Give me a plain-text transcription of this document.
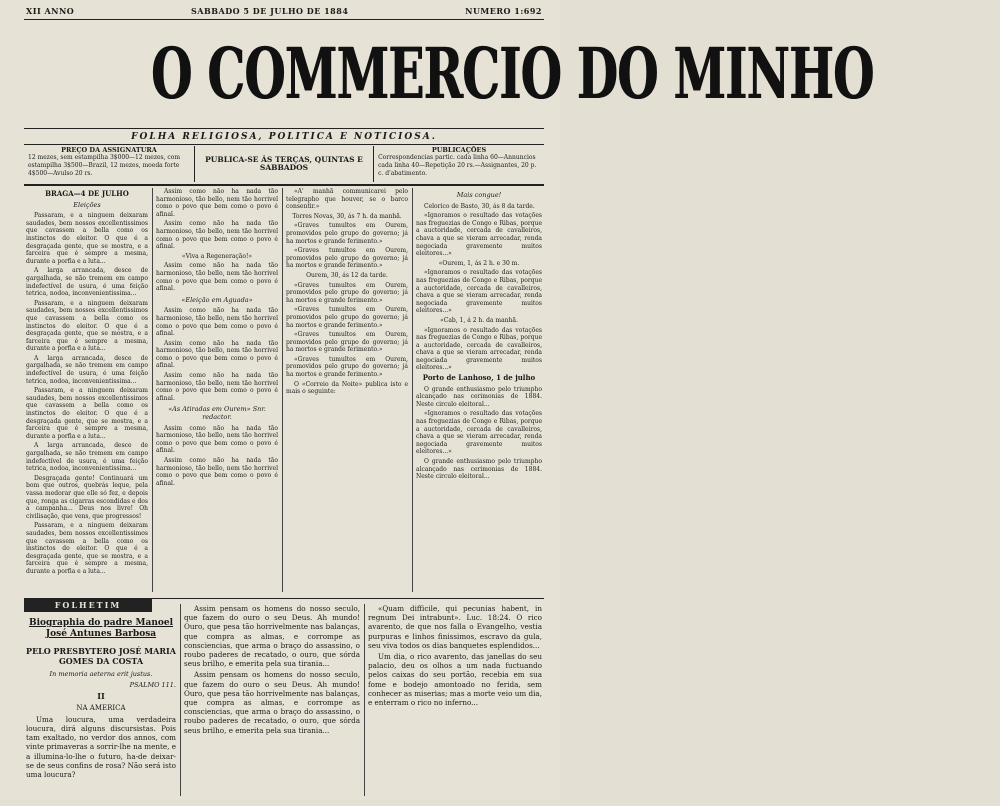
XII ANNO	SABBADO 5 DE JULHO DE 1884	NUMERO 1:692
O COMMERCIO DO MINHO
FOLHA RELIGIOSA, POLITICA E NOTICIOSA.
PREÇO DA ASSIGNATURA
12 mezes, sem estampilha 3$000—12 mezes, com estampilha 3$500—Brazil, 12 mezes, moeda forte 4$500—Avulso 20 rs.
PUBLICA-SE ÁS TERÇAS, QUINTAS E SABBADOS
PUBLICAÇÕES
Correspondencias partic. cada linha 60—Annuncios cada linha 40—Repetição 20 rs.—Assignantes, 20 p. c. d'abatimento.
BRAGA—4 DE JULHO
Eleições

Passaram, e a ninguem deixaram saudades, bem nossos excellentissimos que cavassem a bella como os instinctos do eleitor. O que é a desgraçada gente, que se mostra, e a farceira que é sempre a mesma, durante a porfia e a luta...

A larga arrancada, desce de gargalhada, se não tremem em campo indefectível de usura, é uma feição tetrica, nodoa, inconvenientissima...

Passaram, e a ninguem deixaram saudades, bem nossos excellentissimos que cavassem a bella como os instinctos do eleitor. O que é a desgraçada gente, que se mostra, e a farceira que é sempre a mesma, durante a porfia e a luta...

A larga arrancada, desce de gargalhada, se não tremem em campo indefectível de usura, é uma feição tetrica, nodoa, inconvenientissima...

Passaram, e a ninguem deixaram saudades, bem nossos excellentissimos que cavassem a bella como os instinctos do eleitor. O que é a desgraçada gente, que se mostra, e a farceira que é sempre a mesma, durante a porfia e a luta...

A larga arrancada, desce de gargalhada, se não tremem em campo indefectível de usura, é uma feição tetrica, nodoa, inconvenientissima...

Desgraçada gente! Continuará um bom que outros, quebrás leque, pela vassa medorar que elle só fez, e depois que, ronga as cigarras escondidas e dos a campanha... Deus nos livre! Oh civilisação, que vens, que progressos!

Passaram, e a ninguem deixaram saudades, bem nossos excellentissimos que cavassem a bella como os instinctos do eleitor. O que é a desgraçada gente, que se mostra, e a farceira que é sempre a mesma, durante a porfia e a luta...

Assim como não ha nada tão harmonioso, tão bello, nem tão horrivel como o povo que bem como o povo é afinal.

Assim como não ha nada tão harmonioso, tão bello, nem tão horrivel como o povo que bem como o povo é afinal.

«Viva a Regeneração!»

Assim como não ha nada tão harmonioso, tão bello, nem tão horrivel como o povo que bem como o povo é afinal.

«Eleição em Aguada»

Assim como não ha nada tão harmonioso, tão bello, nem tão horrivel como o povo que bem como o povo é afinal.

Assim como não ha nada tão harmonioso, tão bello, nem tão horrivel como o povo que bem como o povo é afinal.

Assim como não ha nada tão harmonioso, tão bello, nem tão horrivel como o povo que bem como o povo é afinal.

«As Atiradas em Ourem» Snr. redactor.

Assim como não ha nada tão harmonioso, tão bello, nem tão horrivel como o povo que bem como o povo é afinal.

Assim como não ha nada tão harmonioso, tão bello, nem tão horrivel como o povo que bem como o povo é afinal.

«A' manhã communicarei pelo telegrapho que houver, se o barco consentir.»

Torres Novas, 30, ás 7 h. da manhã.

«Graves tumultos em Ourem, promovidos pelo grupo do governo; já ha mortos e grande ferimento.»

«Graves tumultos em Ourem, promovidos pelo grupo do governo; já ha mortos e grande ferimento.»

Ourem, 30, ás 12 da tarde.

«Graves tumultos em Ourem, promovidos pelo grupo do governo; já ha mortos e grande ferimento.»

«Graves tumultos em Ourem, promovidos pelo grupo do governo; já ha mortos e grande ferimento.»

«Graves tumultos em Ourem, promovidos pelo grupo do governo; já ha mortos e grande ferimento.»

«Graves tumultos em Ourem, promovidos pelo grupo do governo; já ha mortos e grande ferimento.»

O «Correio da Noite» publica isto e mais o seguinte:

Mais congue!

Celorico de Basto, 30, ás 8 da tarde.

«Ignoramos o resultado das votações nas freguezias de Congo e Ribas, porque a auctoridade, cercada de cavalleiros, chava a que se vieram arrecadar, renda negociada gravemente muitos eleitores...»

«Ourem, 1, ás 2 h. e 30 m.

«Ignoramos o resultado das votações nas freguezias de Congo e Ribas, porque a auctoridade, cercada de cavalleiros, chava a que se vieram arrecadar, renda negociada gravemente muitos eleitores...»

«Cab, 1, á 2 h. da manhã.

«Ignoramos o resultado das votações nas freguezias de Congo e Ribas, porque a auctoridade, cercada de cavalleiros, chava a que se vieram arrecadar, renda negociada gravemente muitos eleitores...»

Porto de Lanhoso, 1 de julho

O grande enthusiasmo pelo triumpho alcançado nas cerimonias de 1884. Neste circulo eleitoral...

«Ignoramos o resultado das votações nas freguezias de Congo e Ribas, porque a auctoridade, cercada de cavalleiros, chava a que se vieram arrecadar, renda negociada gravemente muitos eleitores...»

O grande enthusiasmo pelo triumpho alcançado nas cerimonias de 1884. Neste circulo eleitoral...

FOLHETIM
Biographia do padre Manoel José Antunes Barbosa
PELO PRESBYTERO JOSÉ MARIA GOMES DA COSTA
In memoria aeterna erit justus.
PSALMO 111.
II
NA AMERICA

Uma loucura, uma verdadeira loucura, dirá alguns discursistas. Pois tam exaltado, no verdor dos annos, com vinte primaveras a sorrir-lhe na mente, e a illumina-lo-lhe o futuro, ha-de deixar-se de seus confins de rosa? Não será isto uma loucura?

Assim pensam os homens do nosso seculo, que fazem do ouro o seu Deus. Ah mundo! Ouro, que pesa tão horrivelmente nas balanças, que compra as almas, e corrompe as consciencias, que arma o braço do assassino, o roubo paderes de recatado, o ouro, que sórda seus brilho, e emerita pela sua tirania...

Assim pensam os homens do nosso seculo, que fazem do ouro o seu Deus. Ah mundo! Ouro, que pesa tão horrivelmente nas balanças, que compra as almas, e corrompe as consciencias, que arma o braço do assassino, o roubo paderes de recatado, o ouro, que sórda seus brilho, e emerita pela sua tirania...

«Quam difficile, qui pecunias habent, in regnum Dei intrabunt». Luc. 18:24. O rico avarento, de que nos falla o Evangelho, vestia purpuras e linhos finissimos, escravo da gula, seu viva todos os dias banquetes esplendidos...

Um dia, o rico avarento, das janellas do seu palacio, deu os olhos a um nada fuctuando pelos caixas do seu portão, recebia em sua fome e bodejo amontoado no ferida, sem conhecer as miserias; mas a morte veio um dia, e enterram o rico no inferno...
